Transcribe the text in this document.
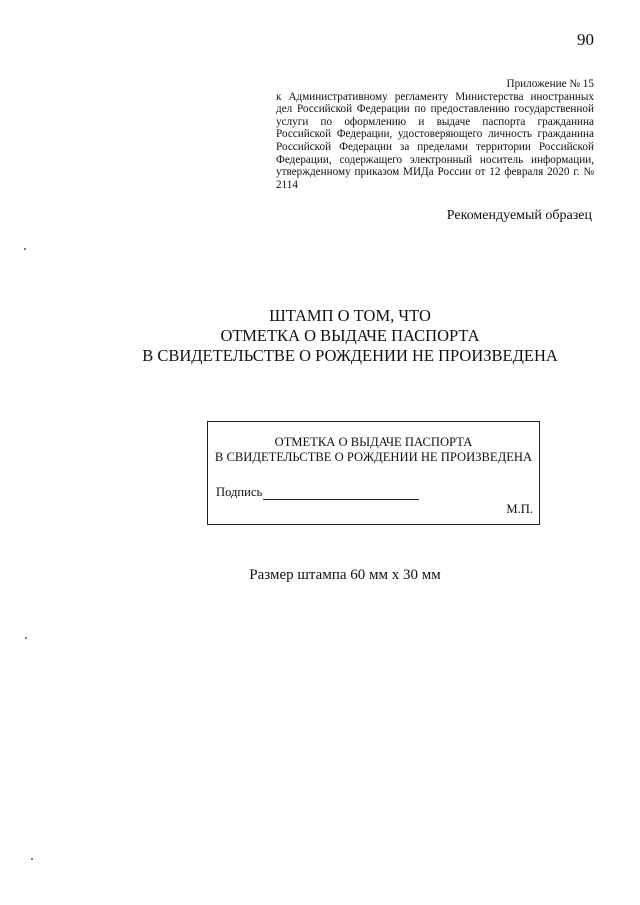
90
Приложение № 15
к Административному регламенту Министерства иностранных дел Российской Федерации по предоставлению государственной услуги по оформлению и выдаче паспорта гражданина Российской Федерации, удостоверяющего личность гражданина Российской Федерации за пределами территории Российской Федерации, содержащего электронный носитель информации, утвержденному приказом МИДа России от 12 февраля 2020 г. № 2114
Рекомендуемый образец
ШТАМП О ТОМ, ЧТО
ОТМЕТКА О ВЫДАЧЕ ПАСПОРТА
В СВИДЕТЕЛЬСТВЕ О РОЖДЕНИИ НЕ ПРОИЗВЕДЕНА
ОТМЕТКА О ВЫДАЧЕ ПАСПОРТА
В СВИДЕТЕЛЬСТВЕ О РОЖДЕНИИ НЕ ПРОИЗВЕДЕНА
Подпись
М.П.
Размер штампа 60 мм х 30 мм
